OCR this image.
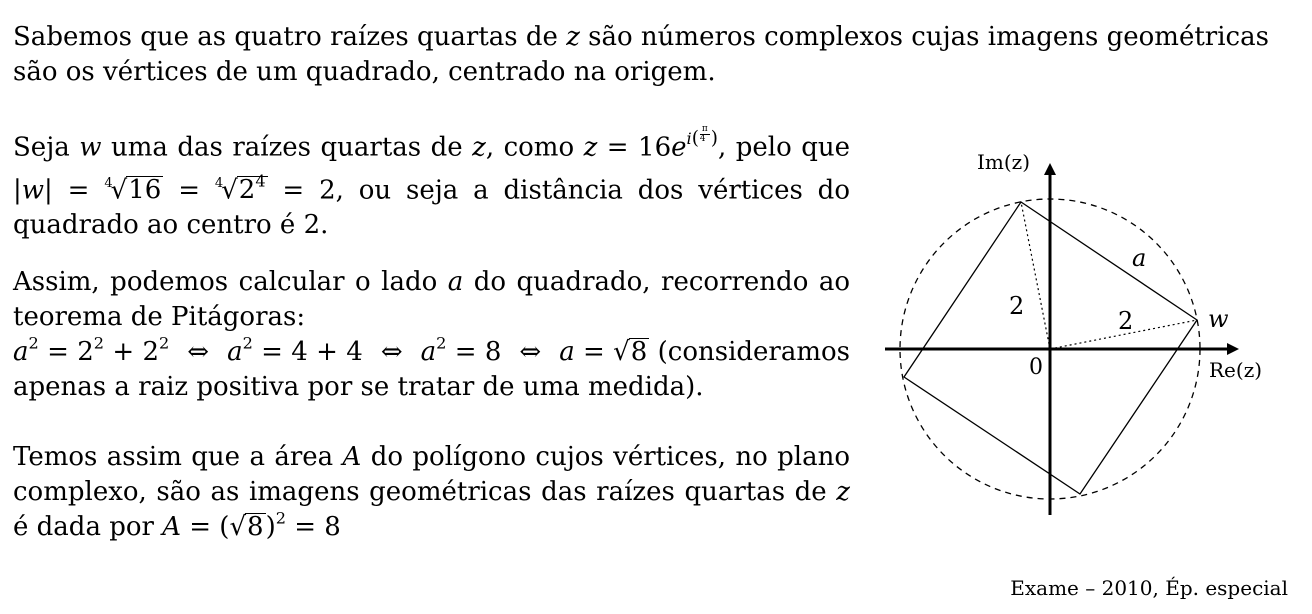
Sabemos que as quatro raízes quartas de z são números complexos cujas imagens geométricas são os vértices de um quadrado, centrado na origem.
Seja w uma das raízes quartas de z, como $z = 16e^{i( \frac{\pi}{4} )}$, pelo que $|w| = ^4√16 = ^4√2^4 = 2$, ou seja a distância dos vértices do quadrado ao centro é 2.
Assim, podemos calcular o lado a do quadrado, recorrendo ao teorema de Pitágoras:
$a^2 = 2^2 + 2^2$ ⇔ $a^2 = 4 + 4$ ⇔ $a^2 = 8$ ⇔ a = √8 (consideramos apenas a raiz positiva por se tratar de uma medida).
Temos assim que a área A do polígono cujos vértices, no plano complexo, são as imagens geométricas das raízes quartas de z é dada por $A = (√8)^2 = 8$
Im(z)
Re(z)
0
a
w
2
2
Exame – 2010, Ép. especial
